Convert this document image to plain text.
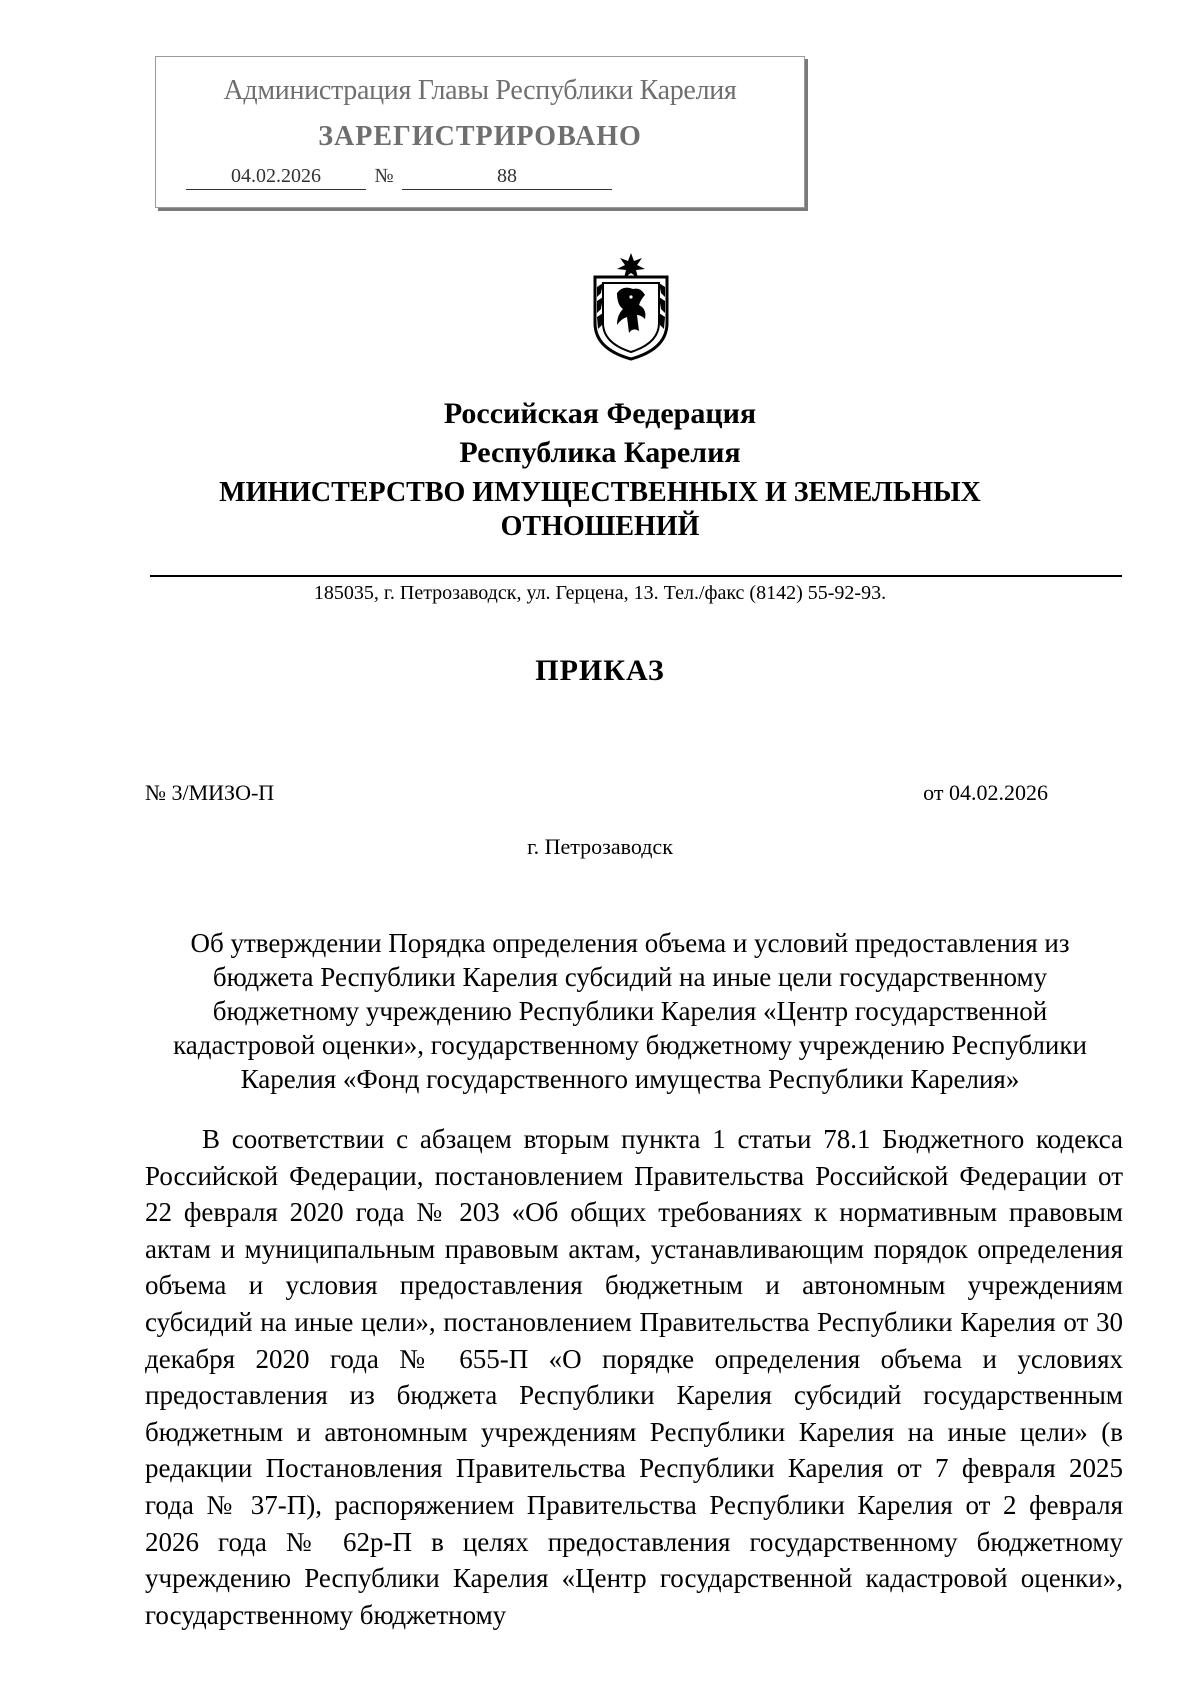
Администрация Главы Республики Карелия
ЗАРЕГИСТРИРОВАНО
04.02.2026	№	88
Российская Федерация
Республика Карелия
МИНИСТЕРСТВО ИМУЩЕСТВЕННЫХ И ЗЕМЕЛЬНЫХ
ОТНОШЕНИЙ
185035, г. Петрозаводск, ул. Герцена, 13. Тел./факс (8142) 55-92-93.
ПРИКАЗ
№ 3/МИЗО-П	от 04.02.2026
г. Петрозаводск
Об утверждении Порядка определения объема и условий предоставления из
бюджета Республики Карелия субсидий на иные цели государственному
бюджетному учреждению Республики Карелия «Центр государственной
кадастровой оценки», государственному бюджетному учреждению Республики
Карелия «Фонд государственного имущества Республики Карелия»
В соответствии с абзацем вторым пункта 1 статьи 78.1 Бюджетного кодекса Российской Федерации, постановлением Правительства Российской Федерации от 22 февраля 2020 года № 203 «Об общих требованиях к нормативным правовым актам и муниципальным правовым актам, устанавливающим порядок определения объема и условия предоставления бюджетным и автономным учреждениям субсидий на иные цели», постановлением Правительства Республики Карелия от 30 декабря 2020 года № 655-П «О порядке определения объема и условиях предоставления из бюджета Республики Карелия субсидий государственным бюджетным и автономным учреждениям Республики Карелия на иные цели» (в редакции Постановления Правительства Республики Карелия от 7 февраля 2025 года № 37-П), распоряжением Правительства Республики Карелия от 2 февраля 2026 года № 62р-П в целях предоставления государственному бюджетному учреждению Республики Карелия «Центр государственной кадастровой оценки», государственному бюджетному
